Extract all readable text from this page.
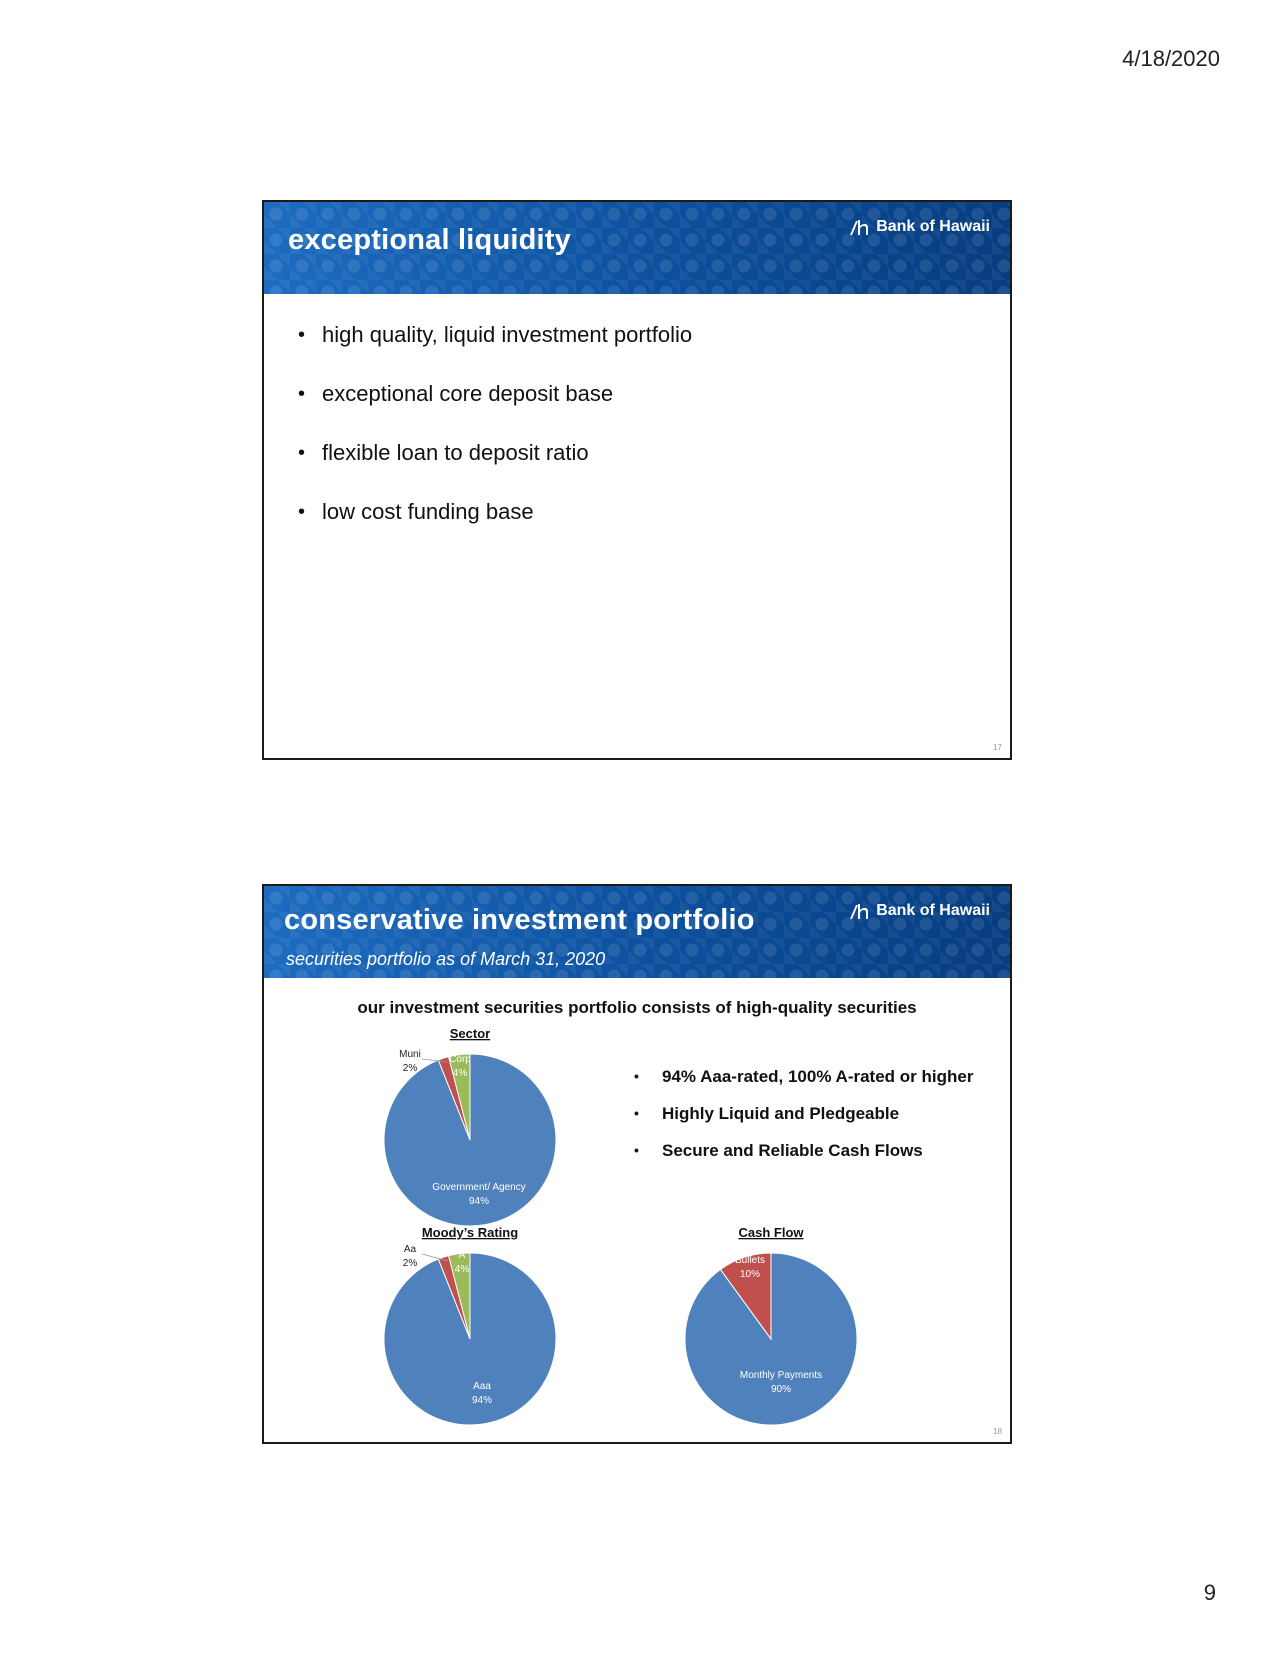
4/18/2020
exceptional liquidity	Bank of Hawaii
• high quality, liquid investment portfolio
• exceptional core deposit base
• flexible loan to deposit ratio
• low cost funding base
17
conservative investment portfolio
securities portfolio as of March 31, 2020
Bank of Hawaii
our investment securities portfolio consists of high-quality securities
Sector
Government/ Agency
94%
Muni
2%
Corp
4%
Moody’s Rating
Aaa
94%
Aa
2%
A
4%
Cash Flow
Monthly Payments
90%
Bullets
10%
•	94% Aaa-rated, 100% A-rated or higher
•	Highly Liquid and Pledgeable
•	Secure and Reliable Cash Flows
18
9
